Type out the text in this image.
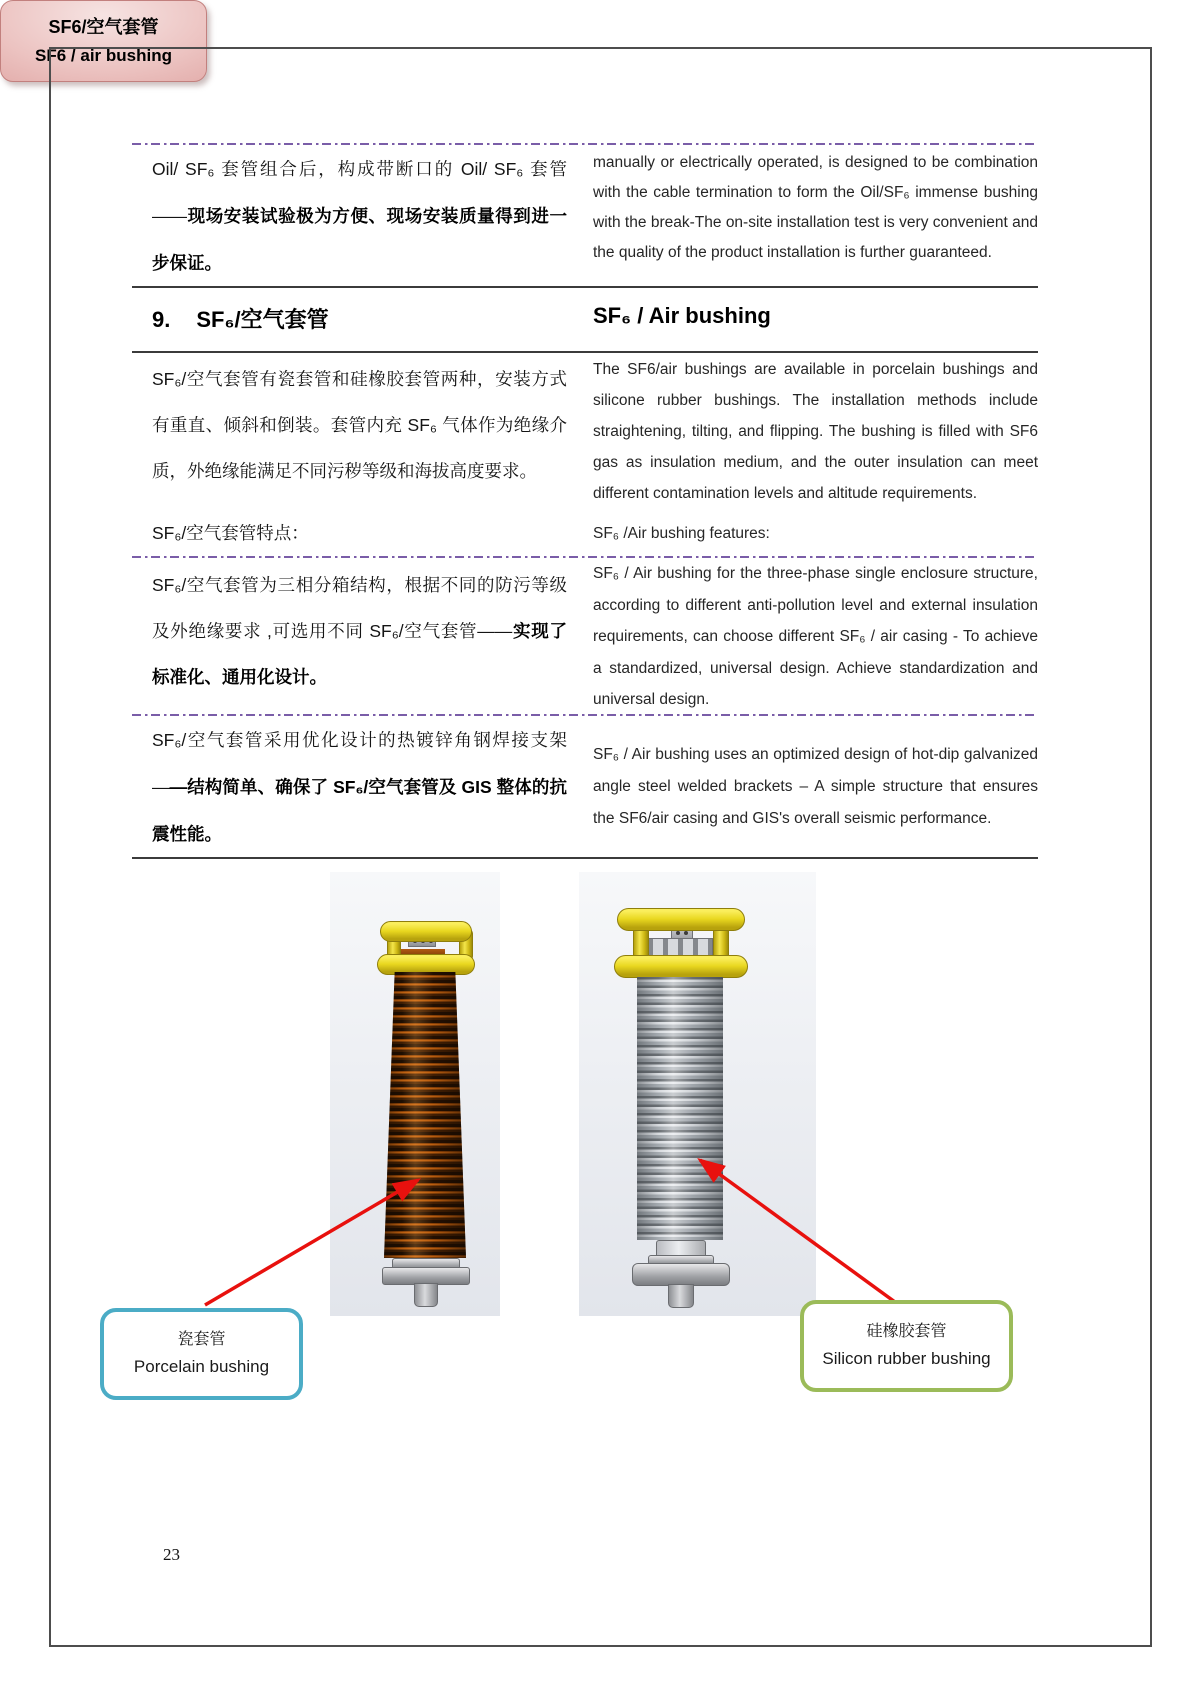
Oil/ SF₆ 套管组合后，构成带断口的 Oil/ SF₆ 套管——现场安装试验极为方便、现场安装质量得到进一步保证。

manually or electrically operated, is designed to be combination with the cable termination to form the Oil/SF₆ immense bushing with the break-The on-site installation test is very convenient and the quality of the product installation is further guaranteed.

9. SF₆/空气套管	SF₆ / Air bushing

SF₆/空气套管有瓷套管和硅橡胶套管两种，安装方式有重直、倾斜和倒装。套管内充 SF₆ 气体作为绝缘介质，外绝缘能满足不同污秽等级和海拔高度要求。

The SF6/air bushings are available in porcelain bushings and silicone rubber bushings. The installation methods include straightening, tilting, and flipping. The bushing is filled with SF6 gas as insulation medium, and the outer insulation can meet different contamination levels and altitude requirements.

SF₆/空气套管特点：	SF₆ /Air bushing features:

SF₆/空气套管为三相分箱结构，根据不同的防污等级及外绝缘要求 ,可选用不同 SF₆/空气套管——实现了标准化、通用化设计。

SF₆ / Air bushing for the three-phase single enclosure structure, according to different anti-pollution level and external insulation requirements, can choose different SF₆ / air casing - To achieve a standardized, universal design. Achieve standardization and universal design.

SF₆/空气套管采用优化设计的热镀锌角钢焊接支架——结构简单、确保了 SF₆/空气套管及 GIS 整体的抗震性能。

SF₆ / Air bushing uses an optimized design of hot-dip galvanized angle steel welded brackets – A simple structure that ensures the SF6/air casing and GIS's overall seismic performance.

瓷套管
Porcelain bushing
硅橡胶套管
Silicon rubber bushing
SF6/空气套管
SF6 / air bushing
23
